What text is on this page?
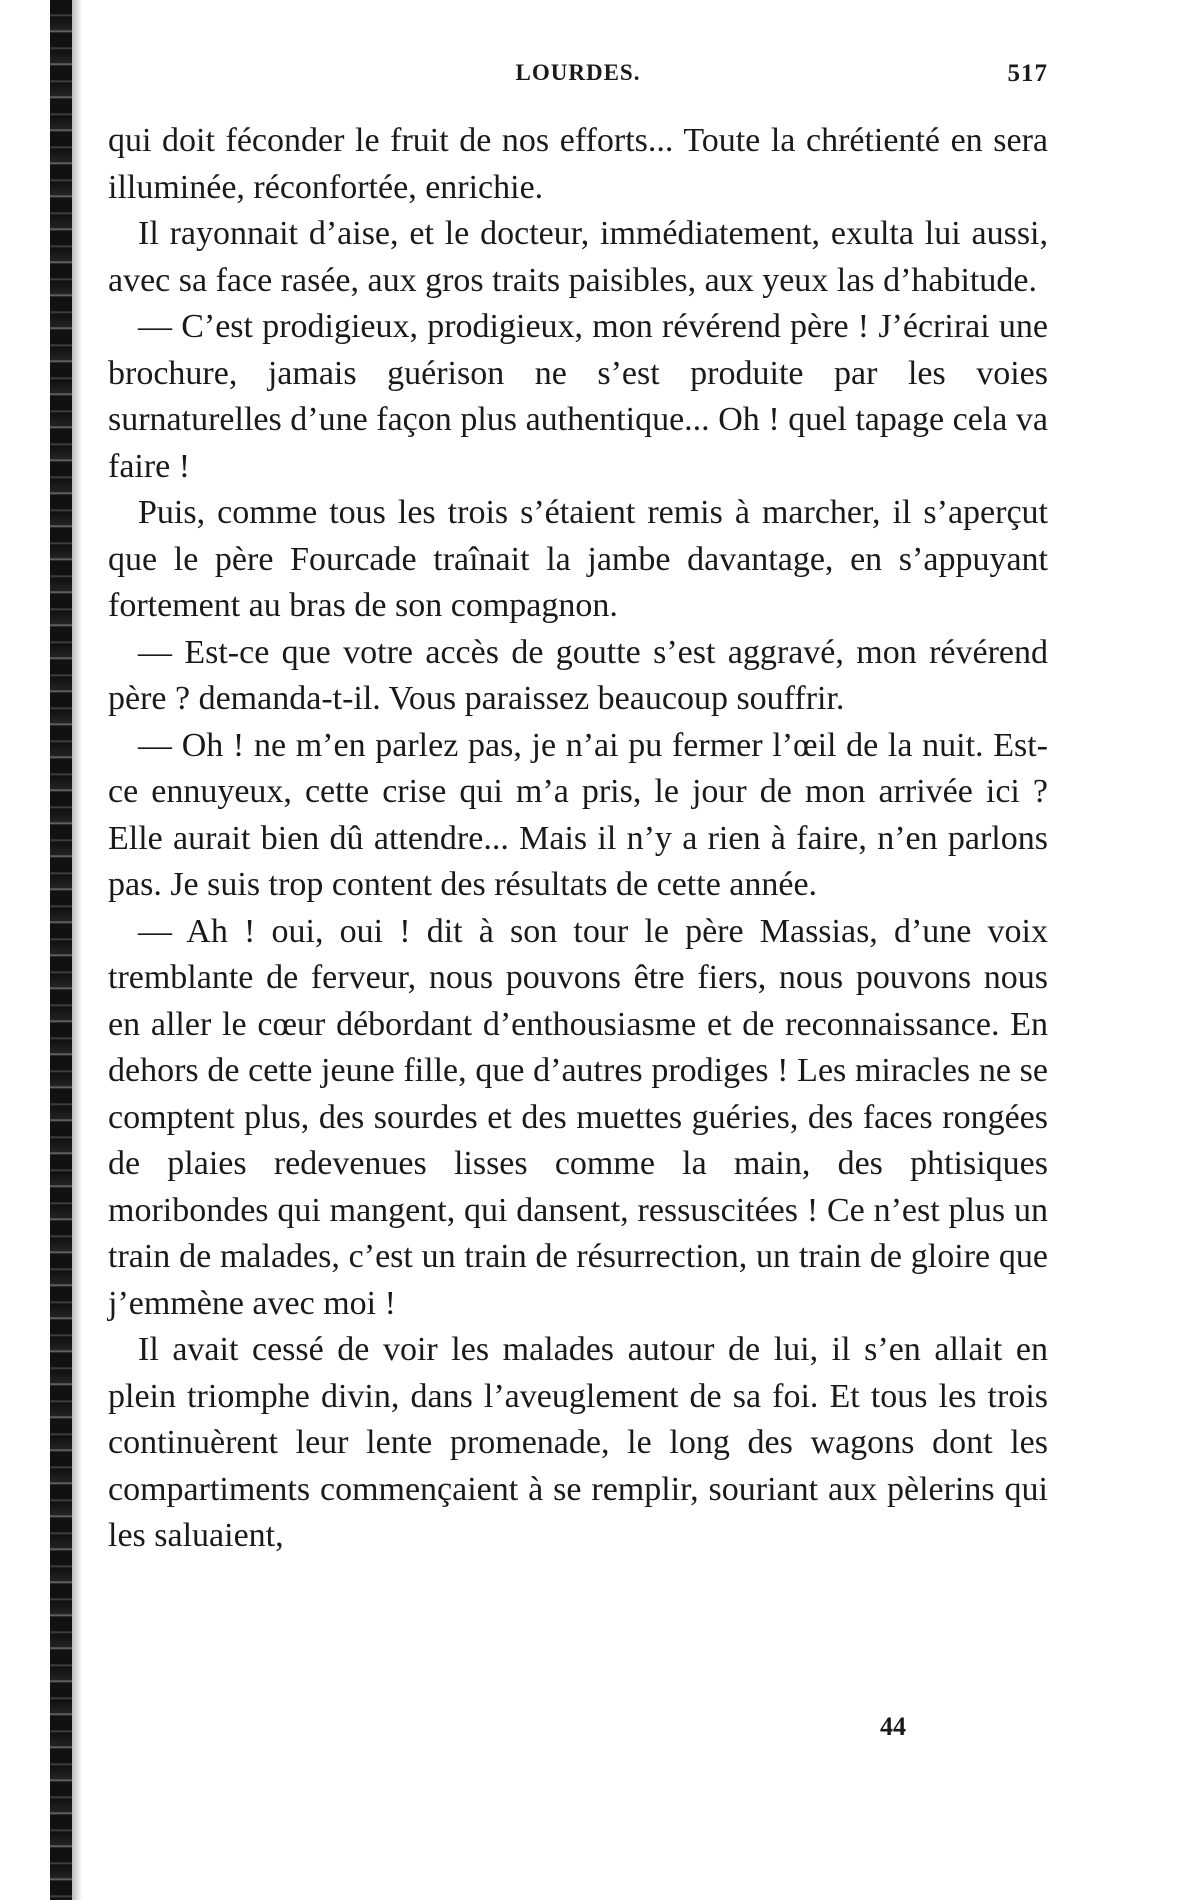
LOURDES.	517

qui doit féconder le fruit de nos efforts... Toute la chrétienté en sera illuminée, réconfortée, enrichie.

Il rayonnait d’aise, et le docteur, immédiatement, exulta lui aussi, avec sa face rasée, aux gros traits paisibles, aux yeux las d’habitude.

— C’est prodigieux, prodigieux, mon révérend père ! J’écrirai une brochure, jamais guérison ne s’est produite par les voies surnaturelles d’une façon plus authentique... Oh ! quel tapage cela va faire !

Puis, comme tous les trois s’étaient remis à marcher, il s’aperçut que le père Fourcade traînait la jambe davantage, en s’appuyant fortement au bras de son compagnon.

— Est-ce que votre accès de goutte s’est aggravé, mon révérend père ? demanda-t-il. Vous paraissez beaucoup souffrir.

— Oh ! ne m’en parlez pas, je n’ai pu fermer l’œil de la nuit. Est-ce ennuyeux, cette crise qui m’a pris, le jour de mon arrivée ici ? Elle aurait bien dû attendre... Mais il n’y a rien à faire, n’en parlons pas. Je suis trop content des résultats de cette année.

— Ah ! oui, oui ! dit à son tour le père Massias, d’une voix tremblante de ferveur, nous pouvons être fiers, nous pouvons nous en aller le cœur débordant d’enthousiasme et de reconnaissance. En dehors de cette jeune fille, que d’autres prodiges ! Les miracles ne se comptent plus, des sourdes et des muettes guéries, des faces rongées de plaies redevenues lisses comme la main, des phtisiques moribondes qui mangent, qui dansent, ressuscitées ! Ce n’est plus un train de malades, c’est un train de résurrection, un train de gloire que j’emmène avec moi !

Il avait cessé de voir les malades autour de lui, il s’en allait en plein triomphe divin, dans l’aveuglement de sa foi. Et tous les trois continuèrent leur lente promenade, le long des wagons dont les compartiments commençaient à se remplir, souriant aux pèlerins qui les saluaient,

44
